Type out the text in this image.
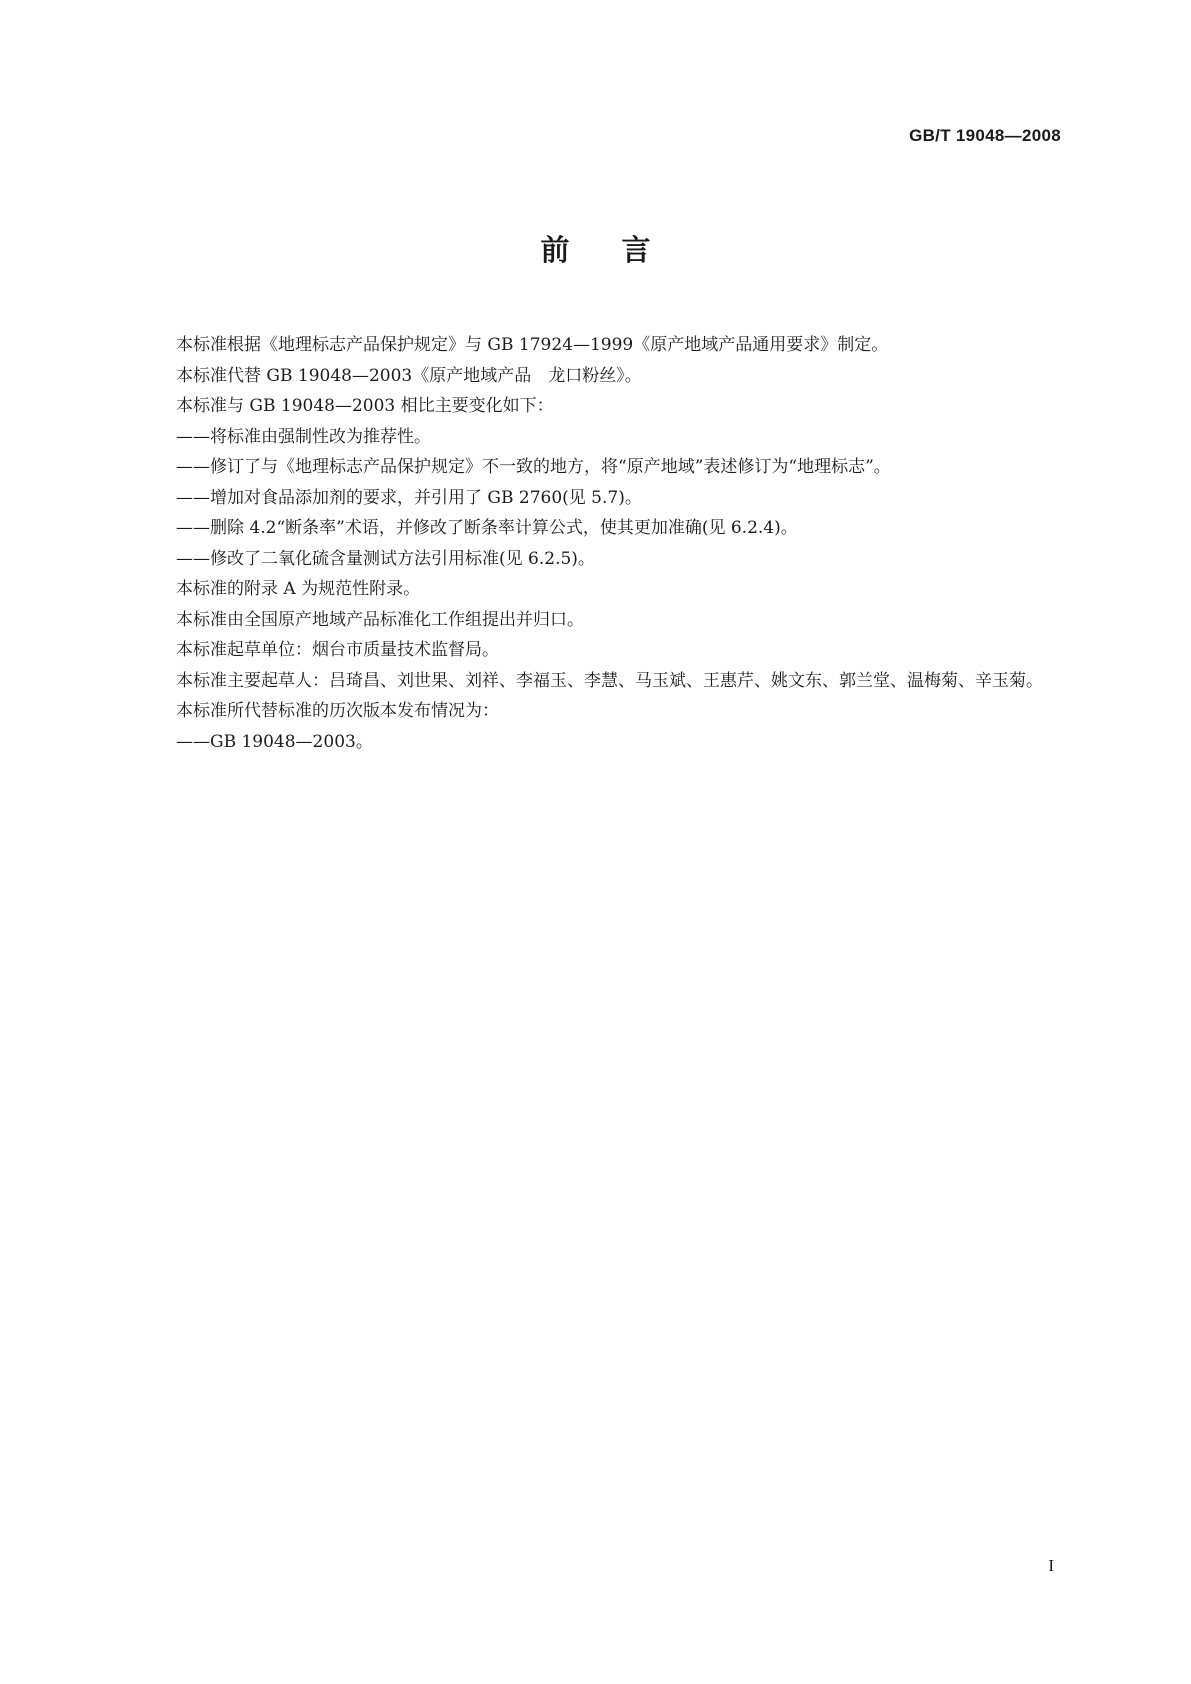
GB/T 19048—2008
前言

本标准根据《地理标志产品保护规定》与 GB 17924—1999《原产地域产品通用要求》制定。

本标准代替 GB 19048—2003《原产地域产品　龙口粉丝》。

本标准与 GB 19048—2003 相比主要变化如下：

——将标准由强制性改为推荐性。

——修订了与《地理标志产品保护规定》不一致的地方，将“原产地域”表述修订为“地理标志”。

——增加对食品添加剂的要求，并引用了 GB 2760(见 5.7)。

——删除 4.2“断条率”术语，并修改了断条率计算公式，使其更加准确(见 6.2.4)。

——修改了二氧化硫含量测试方法引用标准(见 6.2.5)。

本标准的附录 A 为规范性附录。

本标准由全国原产地域产品标准化工作组提出并归口。

本标准起草单位：烟台市质量技术监督局。

本标准主要起草人：吕琦昌、刘世果、刘祥、李福玉、李慧、马玉斌、王惠芹、姚文东、郭兰堂、温梅菊、辛玉菊。

本标准所代替标准的历次版本发布情况为：

——GB 19048—2003。

I
